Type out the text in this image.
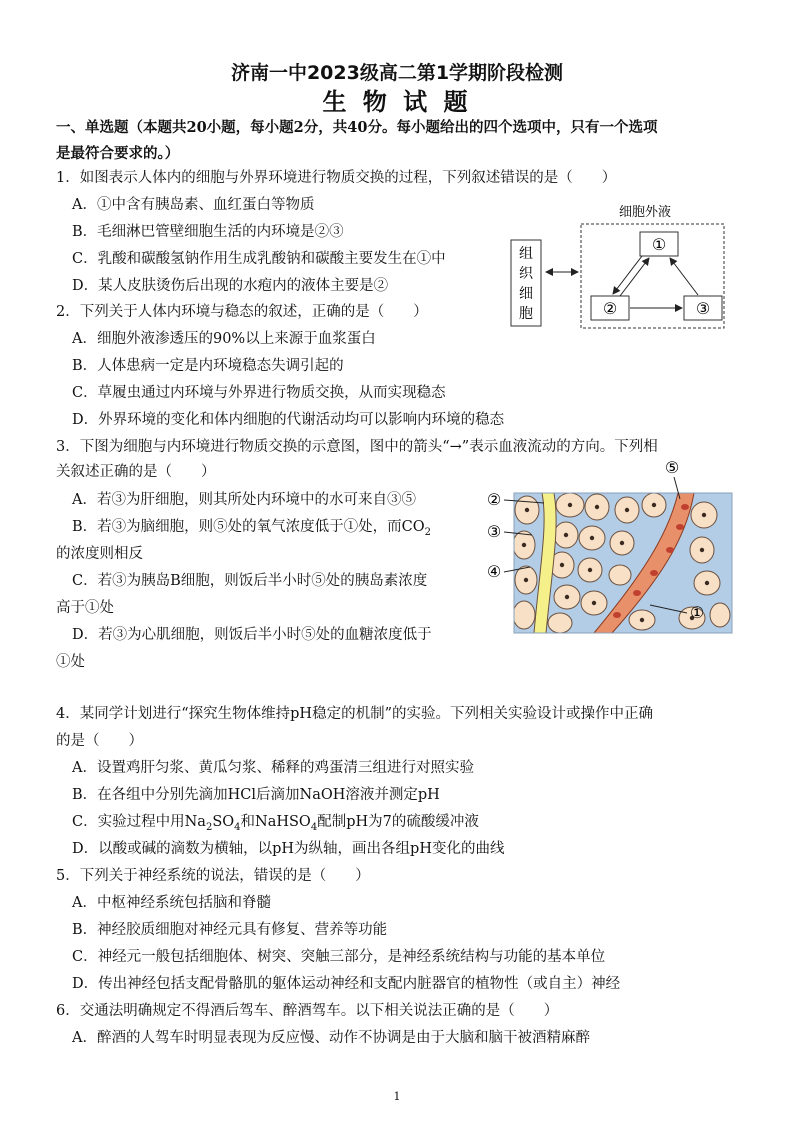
济南一中2023级高二第1学期阶段检测
生 物 试 题
一、单选题（本题共20小题，每小题2分，共40分。每小题给出的四个选项中，只有一个选项
是最符合要求的。）
1．如图表示人体内的细胞与外界环境进行物质交换的过程，下列叙述错误的是（　　）
A．①中含有胰岛素、血红蛋白等物质
B．毛细淋巴管壁细胞生活的内环境是②③
C．乳酸和碳酸氢钠作用生成乳酸钠和碳酸主要发生在①中
D．某人皮肤烫伤后出现的水疱内的液体主要是②
细胞外液
组
织
细
胞
①
②	③
2．下列关于人体内环境与稳态的叙述，正确的是（　　）
A．细胞外液渗透压的90%以上来源于血浆蛋白
B．人体患病一定是内环境稳态失调引起的
C．草履虫通过内环境与外界进行物质交换，从而实现稳态
D．外界环境的变化和体内细胞的代谢活动均可以影响内环境的稳态
3．下图为细胞与内环境进行物质交换的示意图，图中的箭头“→”表示血液流动的方向。下列相
关叙述正确的是（　　）
A．若③为肝细胞，则其所处内环境中的水可来自③⑤
B．若③为脑细胞，则⑤处的氧气浓度低于①处，而$CO_2$
的浓度则相反
C．若③为胰岛B细胞，则饭后半小时⑤处的胰岛素浓度
高于①处
D．若③为心肌细胞，则饭后半小时⑤处的血糖浓度低于
①处
⑤
②
③
④
①
4．某同学计划进行“探究生物体维持pH稳定的机制”的实验。下列相关实验设计或操作中正确
的是（　　）
A．设置鸡肝匀浆、黄瓜匀浆、稀释的鸡蛋清三组进行对照实验
B．在各组中分别先滴加HCl后滴加NaOH溶液并测定pH
C．实验过程中用$Na_2SO_4$和NaHSO$_4$配制pH为7的硫酸缓冲液
D．以酸或碱的滴数为横轴，以pH为纵轴，画出各组pH变化的曲线
5．下列关于神经系统的说法，错误的是（　　）
A．中枢神经系统包括脑和脊髓
B．神经胶质细胞对神经元具有修复、营养等功能
C．神经元一般包括细胞体、树突、突触三部分，是神经系统结构与功能的基本单位
D．传出神经包括支配骨骼肌的躯体运动神经和支配内脏器官的植物性（或自主）神经
6．交通法明确规定不得酒后驾车、醉酒驾车。以下相关说法正确的是（　　）
A．醉酒的人驾车时明显表现为反应慢、动作不协调是由于大脑和脑干被酒精麻醉
1
